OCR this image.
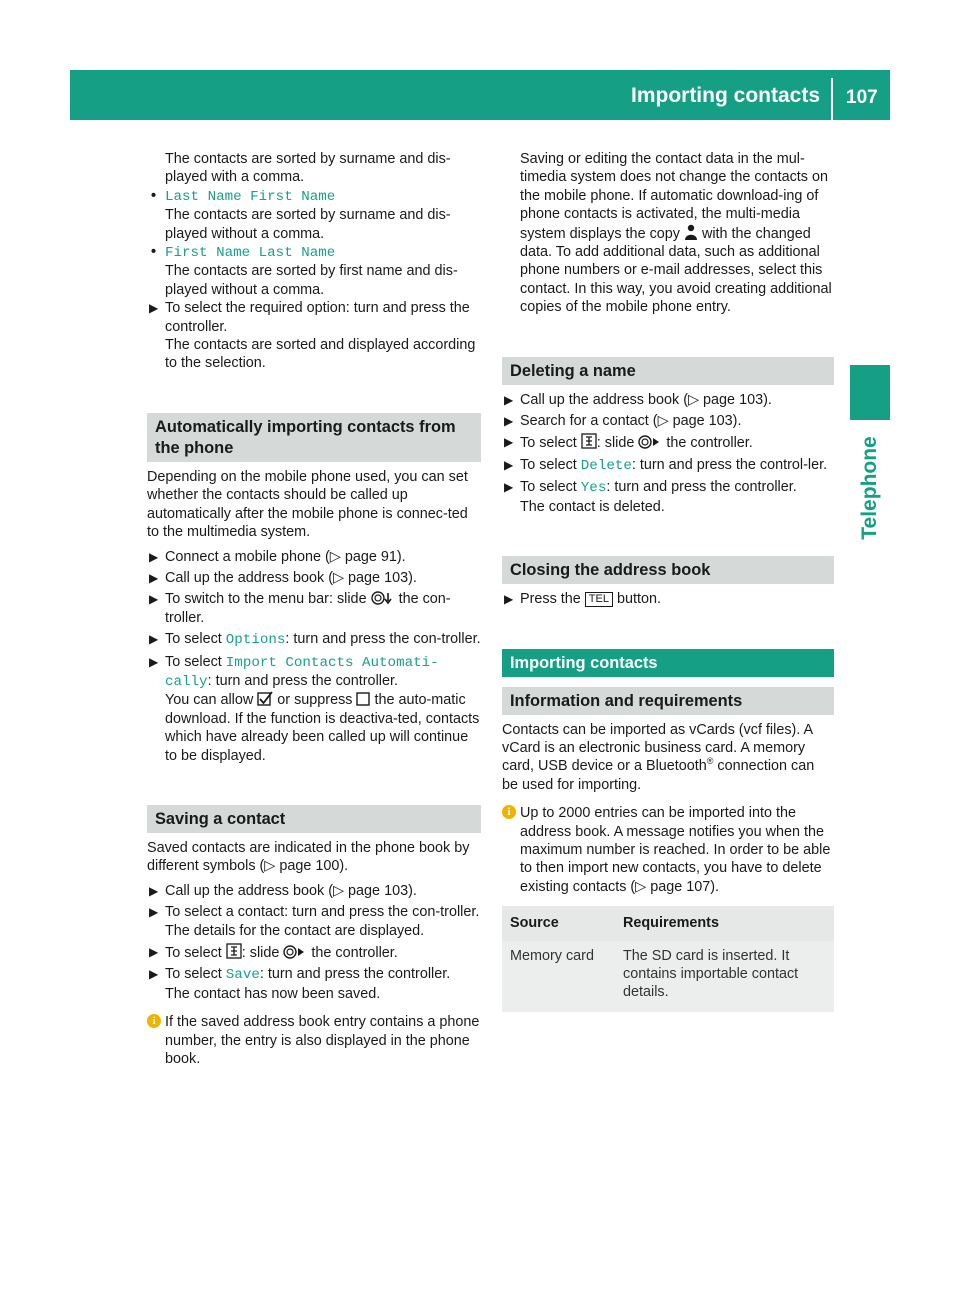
Importing contacts 107
Telephone

The contacts are sorted by surname and dis-played with a comma.

• Last Name First Name

The contacts are sorted by surname and dis-played without a comma.

• First Name Last Name

The contacts are sorted by first name and dis-played without a comma.

▶ To select the required option: turn and press the controller.

The contacts are sorted and displayed according to the selection.

Automatically importing contacts from the phone

Depending on the mobile phone used, you can set whether the contacts should be called up automatically after the mobile phone is connec-ted to the multimedia system.

▶ Connect a mobile phone (▷ page 91).
▶ Call up the address book (▷ page 103).
▶ To switch to the menu bar: slide the con-troller.
▶ To select Options: turn and press the con-troller.
▶ To select Import Contacts Automati- cally: turn and press the controller.

You can allow or suppress the auto-matic download. If the function is deactiva-ted, contacts which have already been called up will continue to be displayed.

Saving a contact

Saved contacts are indicated in the phone book by different symbols (▷ page 100).

▶ Call up the address book (▷ page 103).
▶ To select a contact: turn and press the con-troller.

The details for the contact are displayed.

▶ To select : slide the controller.
▶ To select Save: turn and press the controller.

The contact has now been saved.

i If the saved address book entry contains a phone number, the entry is also displayed in the phone book.

Saving or editing the contact data in the mul-timedia system does not change the contacts on the mobile phone. If automatic download-ing of phone contacts is activated, the multi-media system displays the copy with the changed data. To add additional data, such as additional phone numbers or e-mail addresses, select this contact. In this way, you avoid creating additional copies of the mobile phone entry.

Deleting a name
▶ Call up the address book (▷ page 103).
▶ Search for a contact (▷ page 103).
▶ To select : slide the controller.
▶ To select Delete: turn and press the control-ler.
▶ To select Yes: turn and press the controller.

The contact is deleted.

Closing the address book
▶ Press the TEL button.
Importing contacts
Information and requirements

Contacts can be imported as vCards (vcf files). A vCard is an electronic business card. A memory card, USB device or a Bluetooth® connection can be used for importing.

i Up to 2000 entries can be imported into the address book. A message notifies you when the maximum number is reached. In order to be able to then import new contacts, you have to delete existing contacts (▷ page 107).
Source	Requirements
Memory card	The SD card is inserted. It contains importable contact details.
